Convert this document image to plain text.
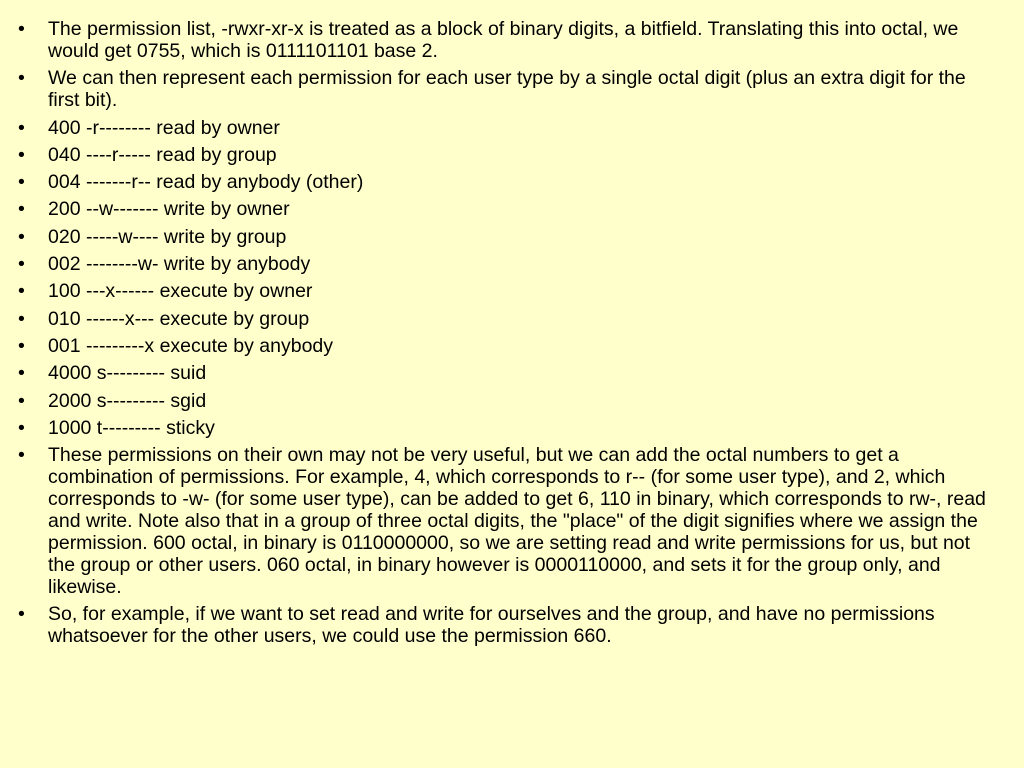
•	The permission list, -rwxr-xr-x is treated as a block of binary digits, a bitfield. Translating this into octal, we would get 0755, which is 0111101101 base 2.
•	We can then represent each permission for each user type by a single octal digit (plus an extra digit for the first bit).
•	400 -r-------- read by owner
•	040 ----r----- read by group
•	004 -------r-- read by anybody (other)
•	200 --w------- write by owner
•	020 -----w---- write by group
•	002 --------w- write by anybody
•	100 ---x------ execute by owner
•	010 ------x--- execute by group
•	001 ---------x execute by anybody
•	4000 s--------- suid
•	2000 s--------- sgid
•	1000 t--------- sticky
•	These permissions on their own may not be very useful, but we can add the octal numbers to get a combination of permissions. For example, 4, which corresponds to r-- (for some user type), and 2, which corresponds to -w- (for some user type), can be added to get 6, 110 in binary, which corresponds to rw-, read and write. Note also that in a group of three octal digits, the "place" of the digit signifies where we assign the permission. 600 octal, in binary is 0110000000, so we are setting read and write permissions for us, but not the group or other users. 060 octal, in binary however is 0000110000, and sets it for the group only, and likewise.
•	So, for example, if we want to set read and write for ourselves and the group, and have no permissions whatsoever for the other users, we could use the permission 660.
